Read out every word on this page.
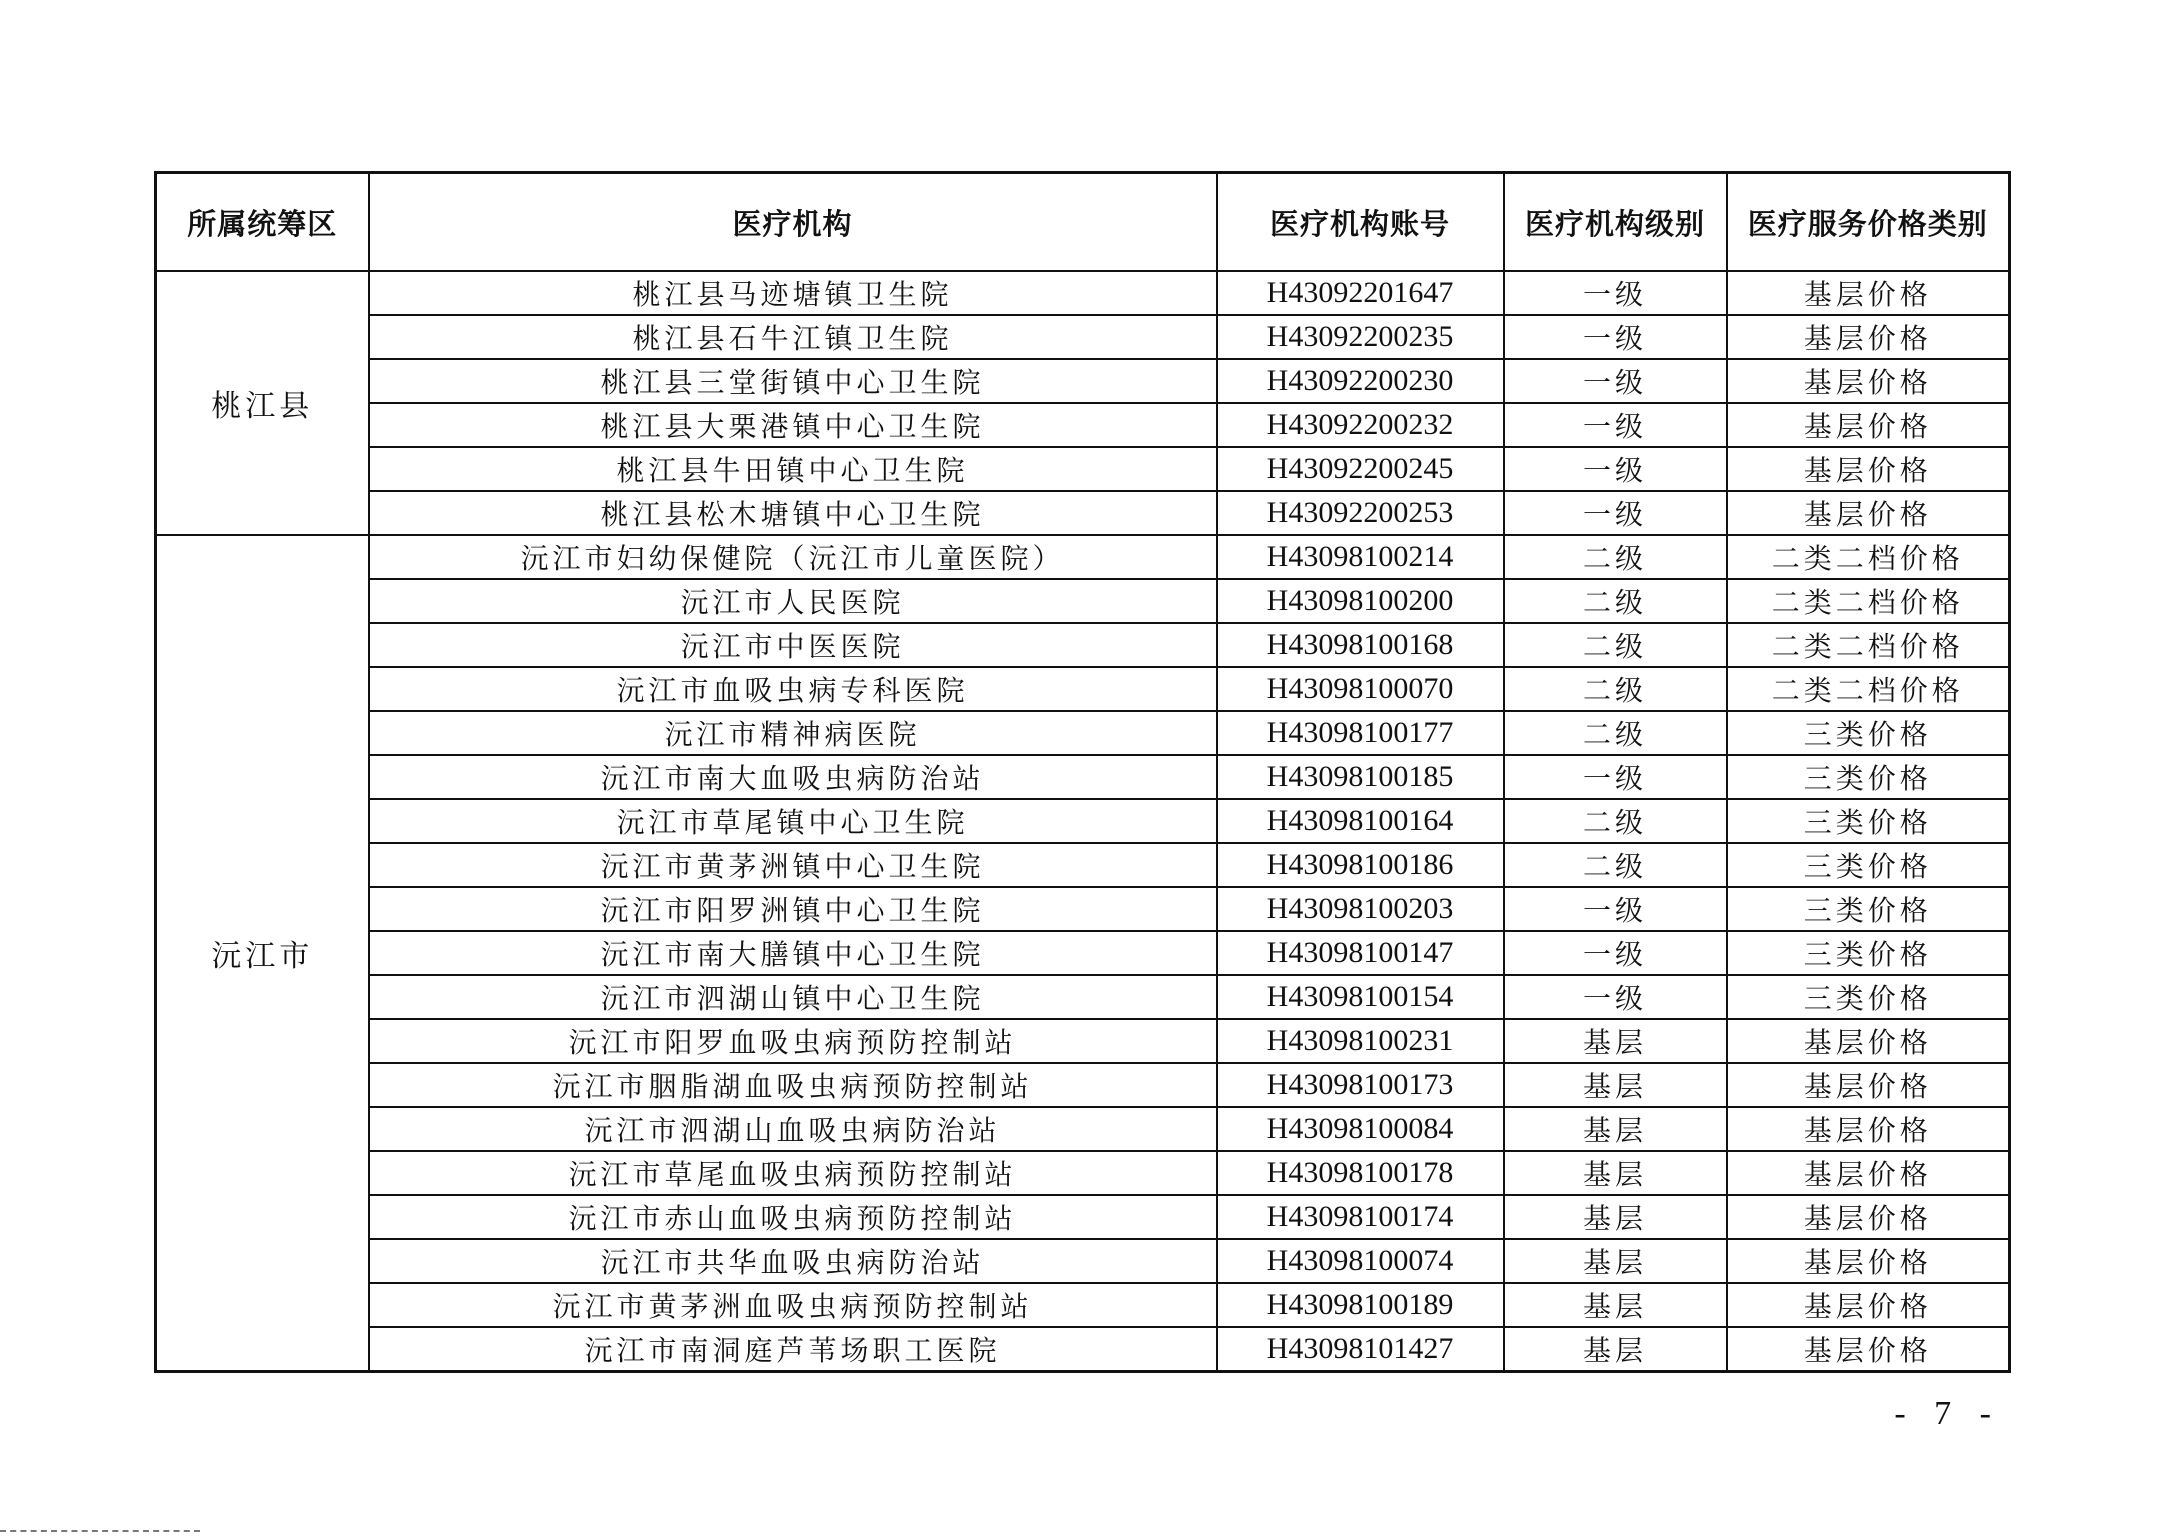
所属统筹区	医疗机构	医疗机构账号	医疗机构级别	医疗服务价格类别
桃江县	桃江县马迹塘镇卫生院	H43092201647	一级	基层价格
	桃江县石牛江镇卫生院	H43092200235	一级	基层价格
	桃江县三堂街镇中心卫生院	H43092200230	一级	基层价格
	桃江县大栗港镇中心卫生院	H43092200232	一级	基层价格
	桃江县牛田镇中心卫生院	H43092200245	一级	基层价格
	桃江县松木塘镇中心卫生院	H43092200253	一级	基层价格
沅江市	沅江市妇幼保健院（沅江市儿童医院）	H43098100214	二级	二类二档价格
	沅江市人民医院	H43098100200	二级	二类二档价格
	沅江市中医医院	H43098100168	二级	二类二档价格
	沅江市血吸虫病专科医院	H43098100070	二级	二类二档价格
	沅江市精神病医院	H43098100177	二级	三类价格
	沅江市南大血吸虫病防治站	H43098100185	一级	三类价格
	沅江市草尾镇中心卫生院	H43098100164	二级	三类价格
	沅江市黄茅洲镇中心卫生院	H43098100186	二级	三类价格
	沅江市阳罗洲镇中心卫生院	H43098100203	一级	三类价格
	沅江市南大膳镇中心卫生院	H43098100147	一级	三类价格
	沅江市泗湖山镇中心卫生院	H43098100154	一级	三类价格
	沅江市阳罗血吸虫病预防控制站	H43098100231	基层	基层价格
	沅江市胭脂湖血吸虫病预防控制站	H43098100173	基层	基层价格
	沅江市泗湖山血吸虫病防治站	H43098100084	基层	基层价格
	沅江市草尾血吸虫病预防控制站	H43098100178	基层	基层价格
	沅江市赤山血吸虫病预防控制站	H43098100174	基层	基层价格
	沅江市共华血吸虫病防治站	H43098100074	基层	基层价格
	沅江市黄茅洲血吸虫病预防控制站	H43098100189	基层	基层价格
	沅江市南洞庭芦苇场职工医院	H43098101427	基层	基层价格
- 7 -
